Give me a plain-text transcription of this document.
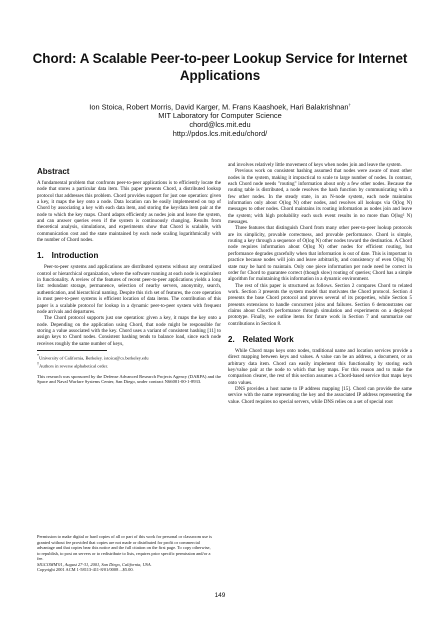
Chord: A Scalable Peer-to-peer Lookup Service for Internet Applications
Ion Stoica, Robert Morris, David Karger, M. Frans Kaashoek, Hari Balakrishnan†
MIT Laboratory for Computer Science
chord@lcs.mit.edu
http://pdos.lcs.mit.edu/chord/
Abstract

A fundamental problem that confronts peer-to-peer applications is to efficiently locate the node that stores a particular data item. This paper presents Chord, a distributed lookup protocol that addresses this problem. Chord provides support for just one operation: given a key, it maps the key onto a node. Data location can be easily implemented on top of Chord by associating a key with each data item, and storing the key/data item pair at the node to which the key maps. Chord adapts efficiently as nodes join and leave the system, and can answer queries even if the system is continuously changing. Results from theoretical analysis, simulations, and experiments show that Chord is scalable, with communication cost and the state maintained by each node scaling logarithmically with the number of Chord nodes.

1. Introduction

Peer-to-peer systems and applications are distributed systems without any centralized control or hierarchical organization, where the software running at each node is equivalent in functionality. A review of the features of recent peer-to-peer applications yields a long list: redundant storage, permanence, selection of nearby servers, anonymity, search, authentication, and hierarchical naming. Despite this rich set of features, the core operation in most peer-to-peer systems is efficient location of data items. The contribution of this paper is a scalable protocol for lookup in a dynamic peer-to-peer system with frequent node arrivals and departures.

The Chord protocol supports just one operation: given a key, it maps the key onto a node. Depending on the application using Chord, that node might be responsible for storing a value associated with the key. Chord uses a variant of consistent hashing [11] to assign keys to Chord nodes. Consistent hashing tends to balance load, since each node receives roughly the same number of keys,

*University of California, Berkeley. istoica@cs.berkeley.edu

†Authors in reverse alphabetical order.

This research was sponsored by the Defense Advanced Research Projects Agency (DARPA) and the Space and Naval Warfare Systems Center, San Diego, under contract N66001-00-1-8933.

Permission to make digital or hard copies of all or part of this work for personal or classroom use is granted without fee provided that copies are not made or distributed for profit or commercial advantage and that copies bear this notice and the full citation on the first page. To copy otherwise, to republish, to post on servers or to redistribute to lists, requires prior specific permission and/or a fee.
SIGCOMM'01, August 27-31, 2001, San Diego, California, USA.
Copyright 2001 ACM 1-58113-411-8/01/0008 ...$5.00.

and involves relatively little movement of keys when nodes join and leave the system.

Previous work on consistent hashing assumed that nodes were aware of most other nodes in the system, making it impractical to scale to large number of nodes. In contrast, each Chord node needs "routing" information about only a few other nodes. Because the routing table is distributed, a node resolves the hash function by communicating with a few other nodes. In the steady state, in an N-node system, each node maintains information only about O(log N) other nodes, and resolves all lookups via O(log N) messages to other nodes. Chord maintains its routing information as nodes join and leave the system; with high probability each such event results in no more than O(log² N) messages.

Three features that distinguish Chord from many other peer-to-peer lookup protocols are its simplicity, provable correctness, and provable performance. Chord is simple, routing a key through a sequence of O(log N) other nodes toward the destination. A Chord node requires information about O(log N) other nodes for efficient routing, but performance degrades gracefully when that information is out of date. This is important in practice because nodes will join and leave arbitrarily, and consistency of even O(log N) state may be hard to maintain. Only one piece information per node need be correct in order for Chord to guarantee correct (though slow) routing of queries; Chord has a simple algorithm for maintaining this information in a dynamic environment.

The rest of this paper is structured as follows. Section 2 compares Chord to related work. Section 3 presents the system model that motivates the Chord protocol. Section 4 presents the base Chord protocol and proves several of its properties, while Section 5 presents extensions to handle concurrent joins and failures. Section 6 demonstrates our claims about Chord's performance through simulation and experiments on a deployed prototype. Finally, we outline items for future work in Section 7 and summarize our contributions in Section 8.

2. Related Work

While Chord maps keys onto nodes, traditional name and location services provide a direct mapping between keys and values. A value can be an address, a document, or an arbitrary data item. Chord can easily implement this functionality by storing each key/value pair at the node to which that key maps. For this reason and to make the comparison clearer, the rest of this section assumes a Chord-based service that maps keys onto values.

DNS provides a host name to IP address mapping [15]. Chord can provide the same service with the name representing the key and the associated IP address representing the value. Chord requires no special servers, while DNS relies on a set of special root

149
